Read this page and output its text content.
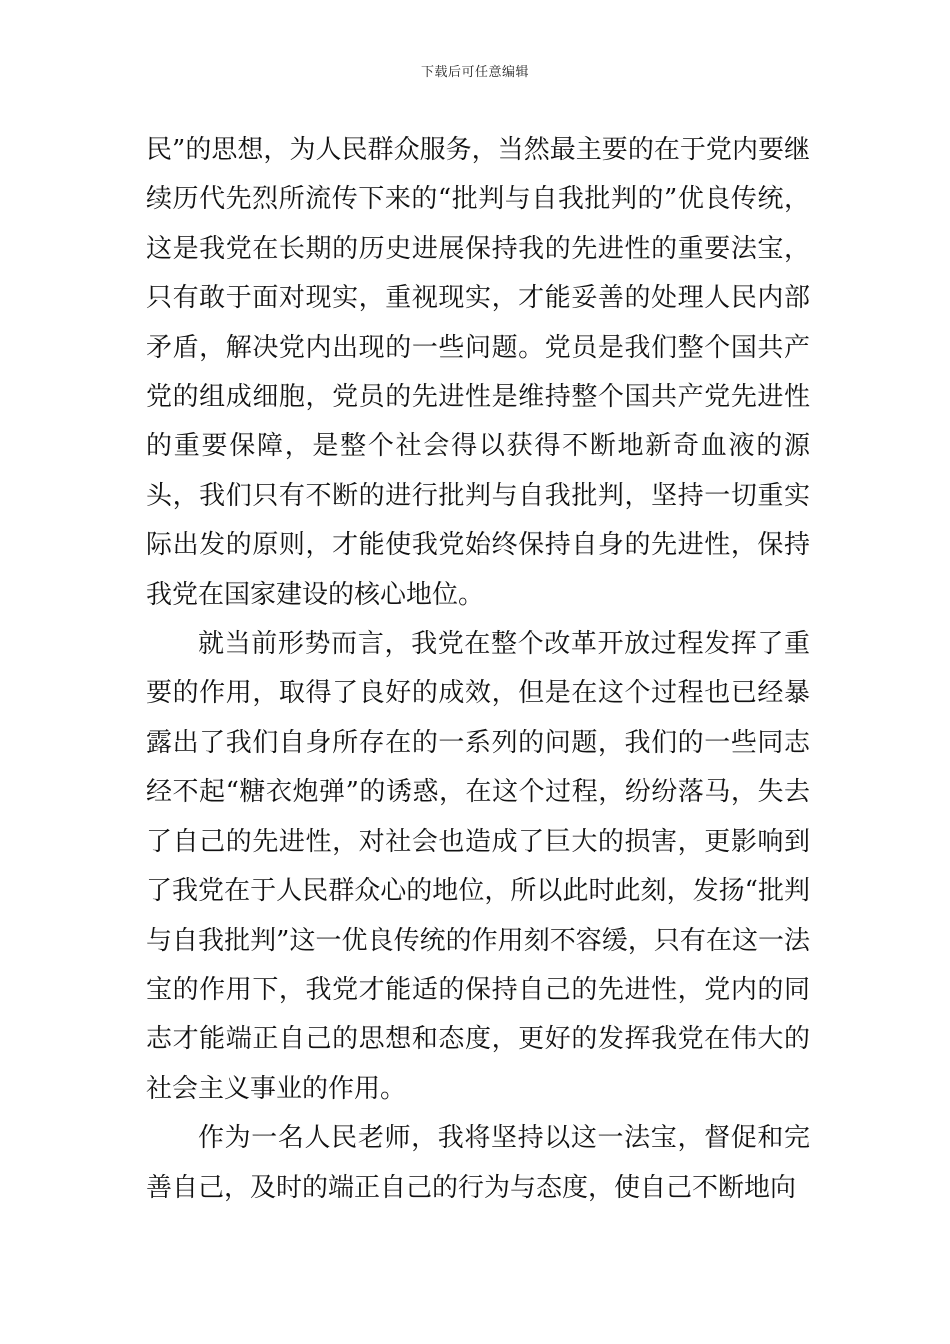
下载后可任意编辑

民”的思想，为人民群众服务，当然最主要的在于党内要继续历代先烈所流传下来的“批判与自我批判的”优良传统，这是我党在长期的历史进展保持我的先进性的重要法宝，只有敢于面对现实，重视现实，才能妥善的处理人民内部矛盾，解决党内出现的一些问题。党员是我们整个国共产党的组成细胞，党员的先进性是维持整个国共产党先进性的重要保障，是整个社会得以获得不断地新奇血液的源头，我们只有不断的进行批判与自我批判，坚持一切重实际出发的原则，才能使我党始终保持自身的先进性，保持我党在国家建设的核心地位。

就当前形势而言，我党在整个改革开放过程发挥了重要的作用，取得了良好的成效，但是在这个过程也已经暴露出了我们自身所存在的一系列的问题，我们的一些同志经不起“糖衣炮弹”的诱惑，在这个过程，纷纷落马，失去了自己的先进性，对社会也造成了巨大的损害，更影响到了我党在于人民群众心的地位，所以此时此刻，发扬“批判与自我批判”这一优良传统的作用刻不容缓，只有在这一法宝的作用下，我党才能适的保持自己的先进性，党内的同志才能端正自己的思想和态度，更好的发挥我党在伟大的社会主义事业的作用。

作为一名人民老师，我将坚持以这一法宝，督促和完善自己，及时的端正自己的行为与态度，使自己不断地向
